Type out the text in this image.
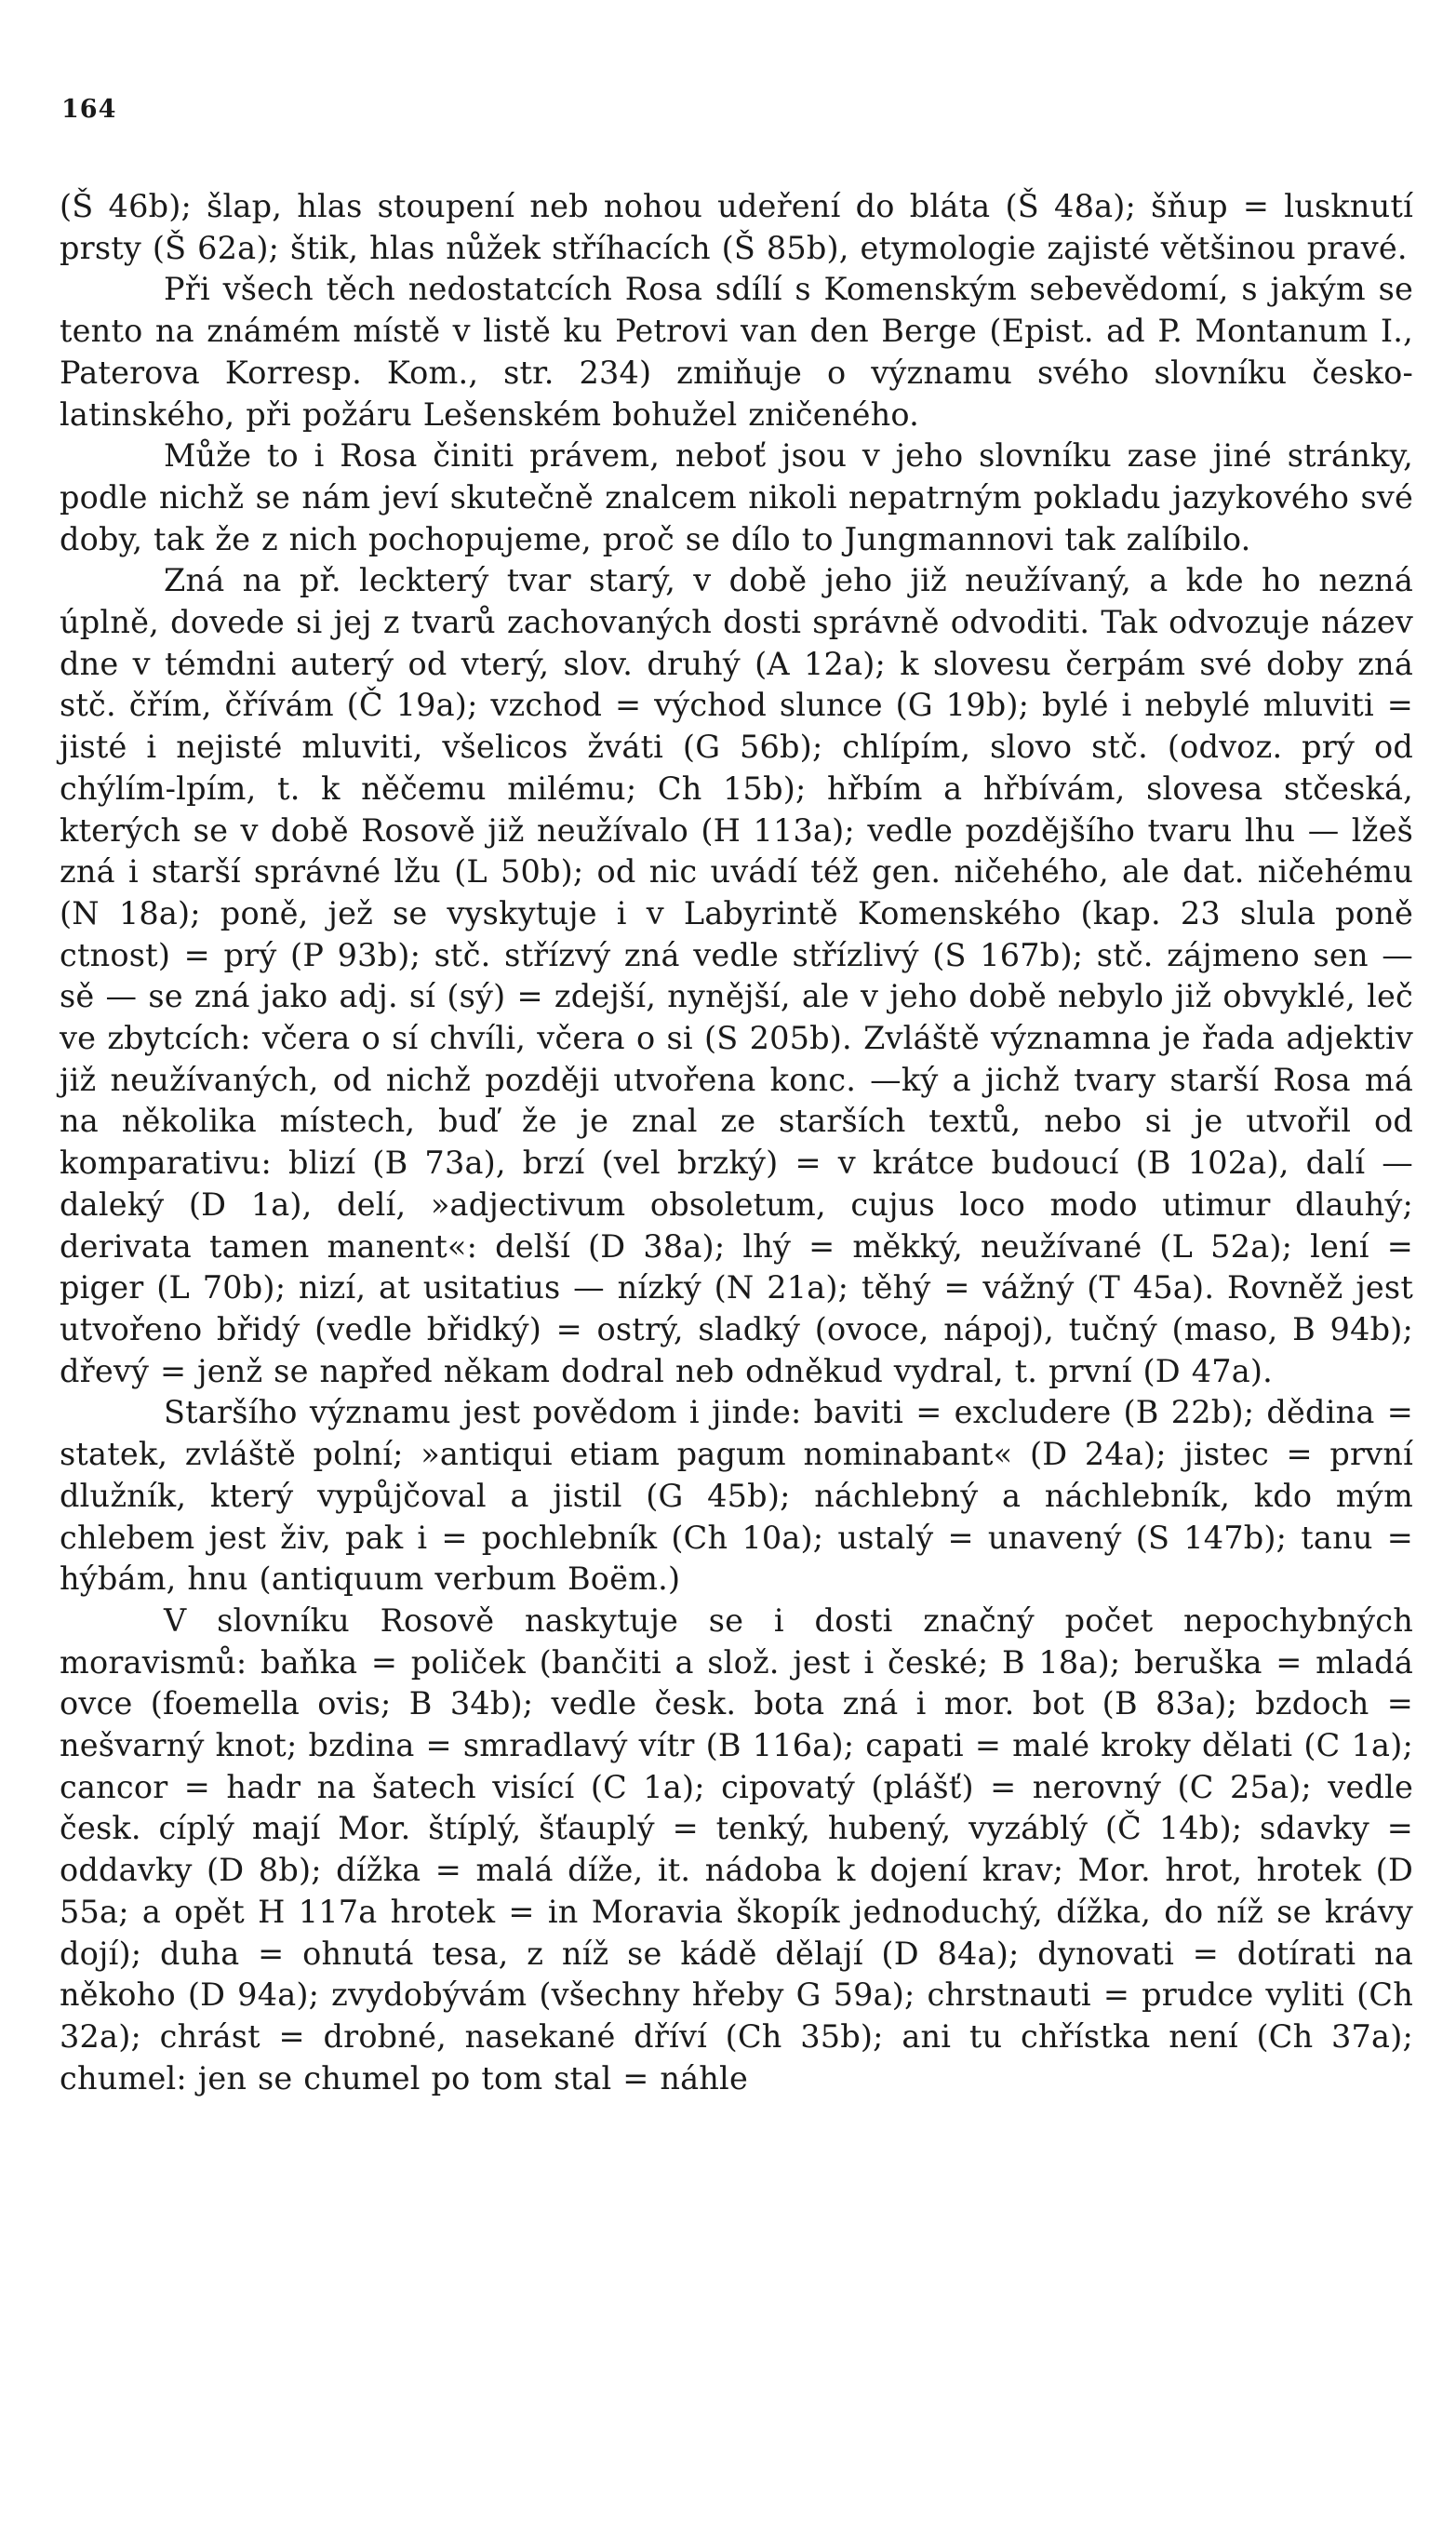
164

(Š 46b); šlap, hlas stoupení neb nohou udeření do bláta (Š 48a); šňup = lusknutí prsty (Š 62a); štik, hlas nůžek stříhacích (Š 85b), etymologie zajisté většinou pravé.

Při všech těch nedostatcích Rosa sdílí s Komenským sebevědomí, s jakým se tento na známém místě v listě ku Petrovi van den Berge (Epist. ad P. Montanum I., Paterova Korresp. Kom., str. 234) zmiňuje o významu svého slovníku česko-latinského, při požáru Lešenském bohužel zničeného.

Může to i Rosa činiti právem, neboť jsou v jeho slovníku zase jiné stránky, podle nichž se nám jeví skutečně znalcem nikoli nepatrným pokladu jazykového své doby, tak že z nich pochopujeme, proč se dílo to Jungmannovi tak zalíbilo.

Zná na př. leckterý tvar starý, v době jeho již neužívaný, a kde ho nezná úplně, dovede si jej z tvarů zachovaných dosti správně odvoditi. Tak odvozuje název dne v témdni auterý od vterý, slov. druhý (A 12a); k slovesu čerpám své doby zná stč. čřím, čřívám (Č 19a); vzchod = východ slunce (G 19b); bylé i nebylé mluviti = jisté i nejisté mluviti, všelicos žváti (G 56b); chlípím, slovo stč. (odvoz. prý od chýlím-lpím, t. k něčemu milému; Ch 15b); hřbím a hřbívám, slovesa stčeská, kterých se v době Rosově již neužívalo (H 113a); vedle pozdějšího tvaru lhu — lžeš zná i starší správné lžu (L 50b); od nic uvádí též gen. ničehého, ale dat. ničehému (N 18a); poně, jež se vyskytuje i v Labyrintě Komenského (kap. 23 slula poně ctnost) = prý (P 93b); stč. střízvý zná vedle střízlivý (S 167b); stč. zájmeno sen — sě — se zná jako adj. sí (sý) = zdejší, nynější, ale v jeho době nebylo již obvyklé, leč ve zbytcích: včera o sí chvíli, včera o si (S 205b). Zvláště významna je řada adjektiv již neužívaných, od nichž později utvořena konc. —ký a jichž tvary starší Rosa má na několika místech, buď že je znal ze starších textů, nebo si je utvořil od komparativu: blizí (B 73a), brzí (vel brzký) = v krátce budoucí (B 102a), dalí — daleký (D 1a), delí, »adjectivum obsoletum, cujus loco modo utimur dlauhý; derivata tamen manent«: delší (D 38a); lhý = měkký, neužívané (L 52a); lení = piger (L 70b); nizí, at usitatius — nízký (N 21a); těhý = vážný (T 45a). Rovněž jest utvořeno břidý (vedle břidký) = ostrý, sladký (ovoce, nápoj), tučný (maso, B 94b); dřevý = jenž se napřed někam dodral neb odněkud vydral, t. první (D 47a).

Staršího významu jest povědom i jinde: baviti = excludere (B 22b); dědina = statek, zvláště polní; »antiqui etiam pagum nominabant« (D 24a); jistec = první dlužník, který vypůjčoval a jistil (G 45b); náchlebný a náchlebník, kdo mým chlebem jest živ, pak i = pochlebník (Ch 10a); ustalý = unavený (S 147b); tanu = hýbám, hnu (antiquum verbum Boëm.)

V slovníku Rosově naskytuje se i dosti značný počet nepochybných moravismů: baňka = poliček (bančiti a slož. jest i české; B 18a); beruška = mladá ovce (foemella ovis; B 34b); vedle česk. bota zná i mor. bot (B 83a); bzdoch = nešvarný knot; bzdina = smradlavý vítr (B 116a); capati = malé kroky dělati (C 1a); cancor = hadr na šatech visící (C 1a); cipovatý (plášť) = nerovný (C 25a); vedle česk. cíplý mají Mor. štíplý, šťauplý = tenký, hubený, vyzáblý (Č 14b); sdavky = oddavky (D 8b); dížka = malá díže, it. nádoba k dojení krav; Mor. hrot, hrotek (D 55a; a opět H 117a hrotek = in Moravia škopík jednoduchý, dížka, do níž se krávy dojí); duha = ohnutá tesa, z níž se kádě dělají (D 84a); dynovati = dotírati na někoho (D 94a); zvydobývám (všechny hřeby G 59a); chrstnauti = prudce vyliti (Ch 32a); chrást = drobné, nasekané dříví (Ch 35b); ani tu chřístka není (Ch 37a); chumel: jen se chumel po tom stal = náhle
